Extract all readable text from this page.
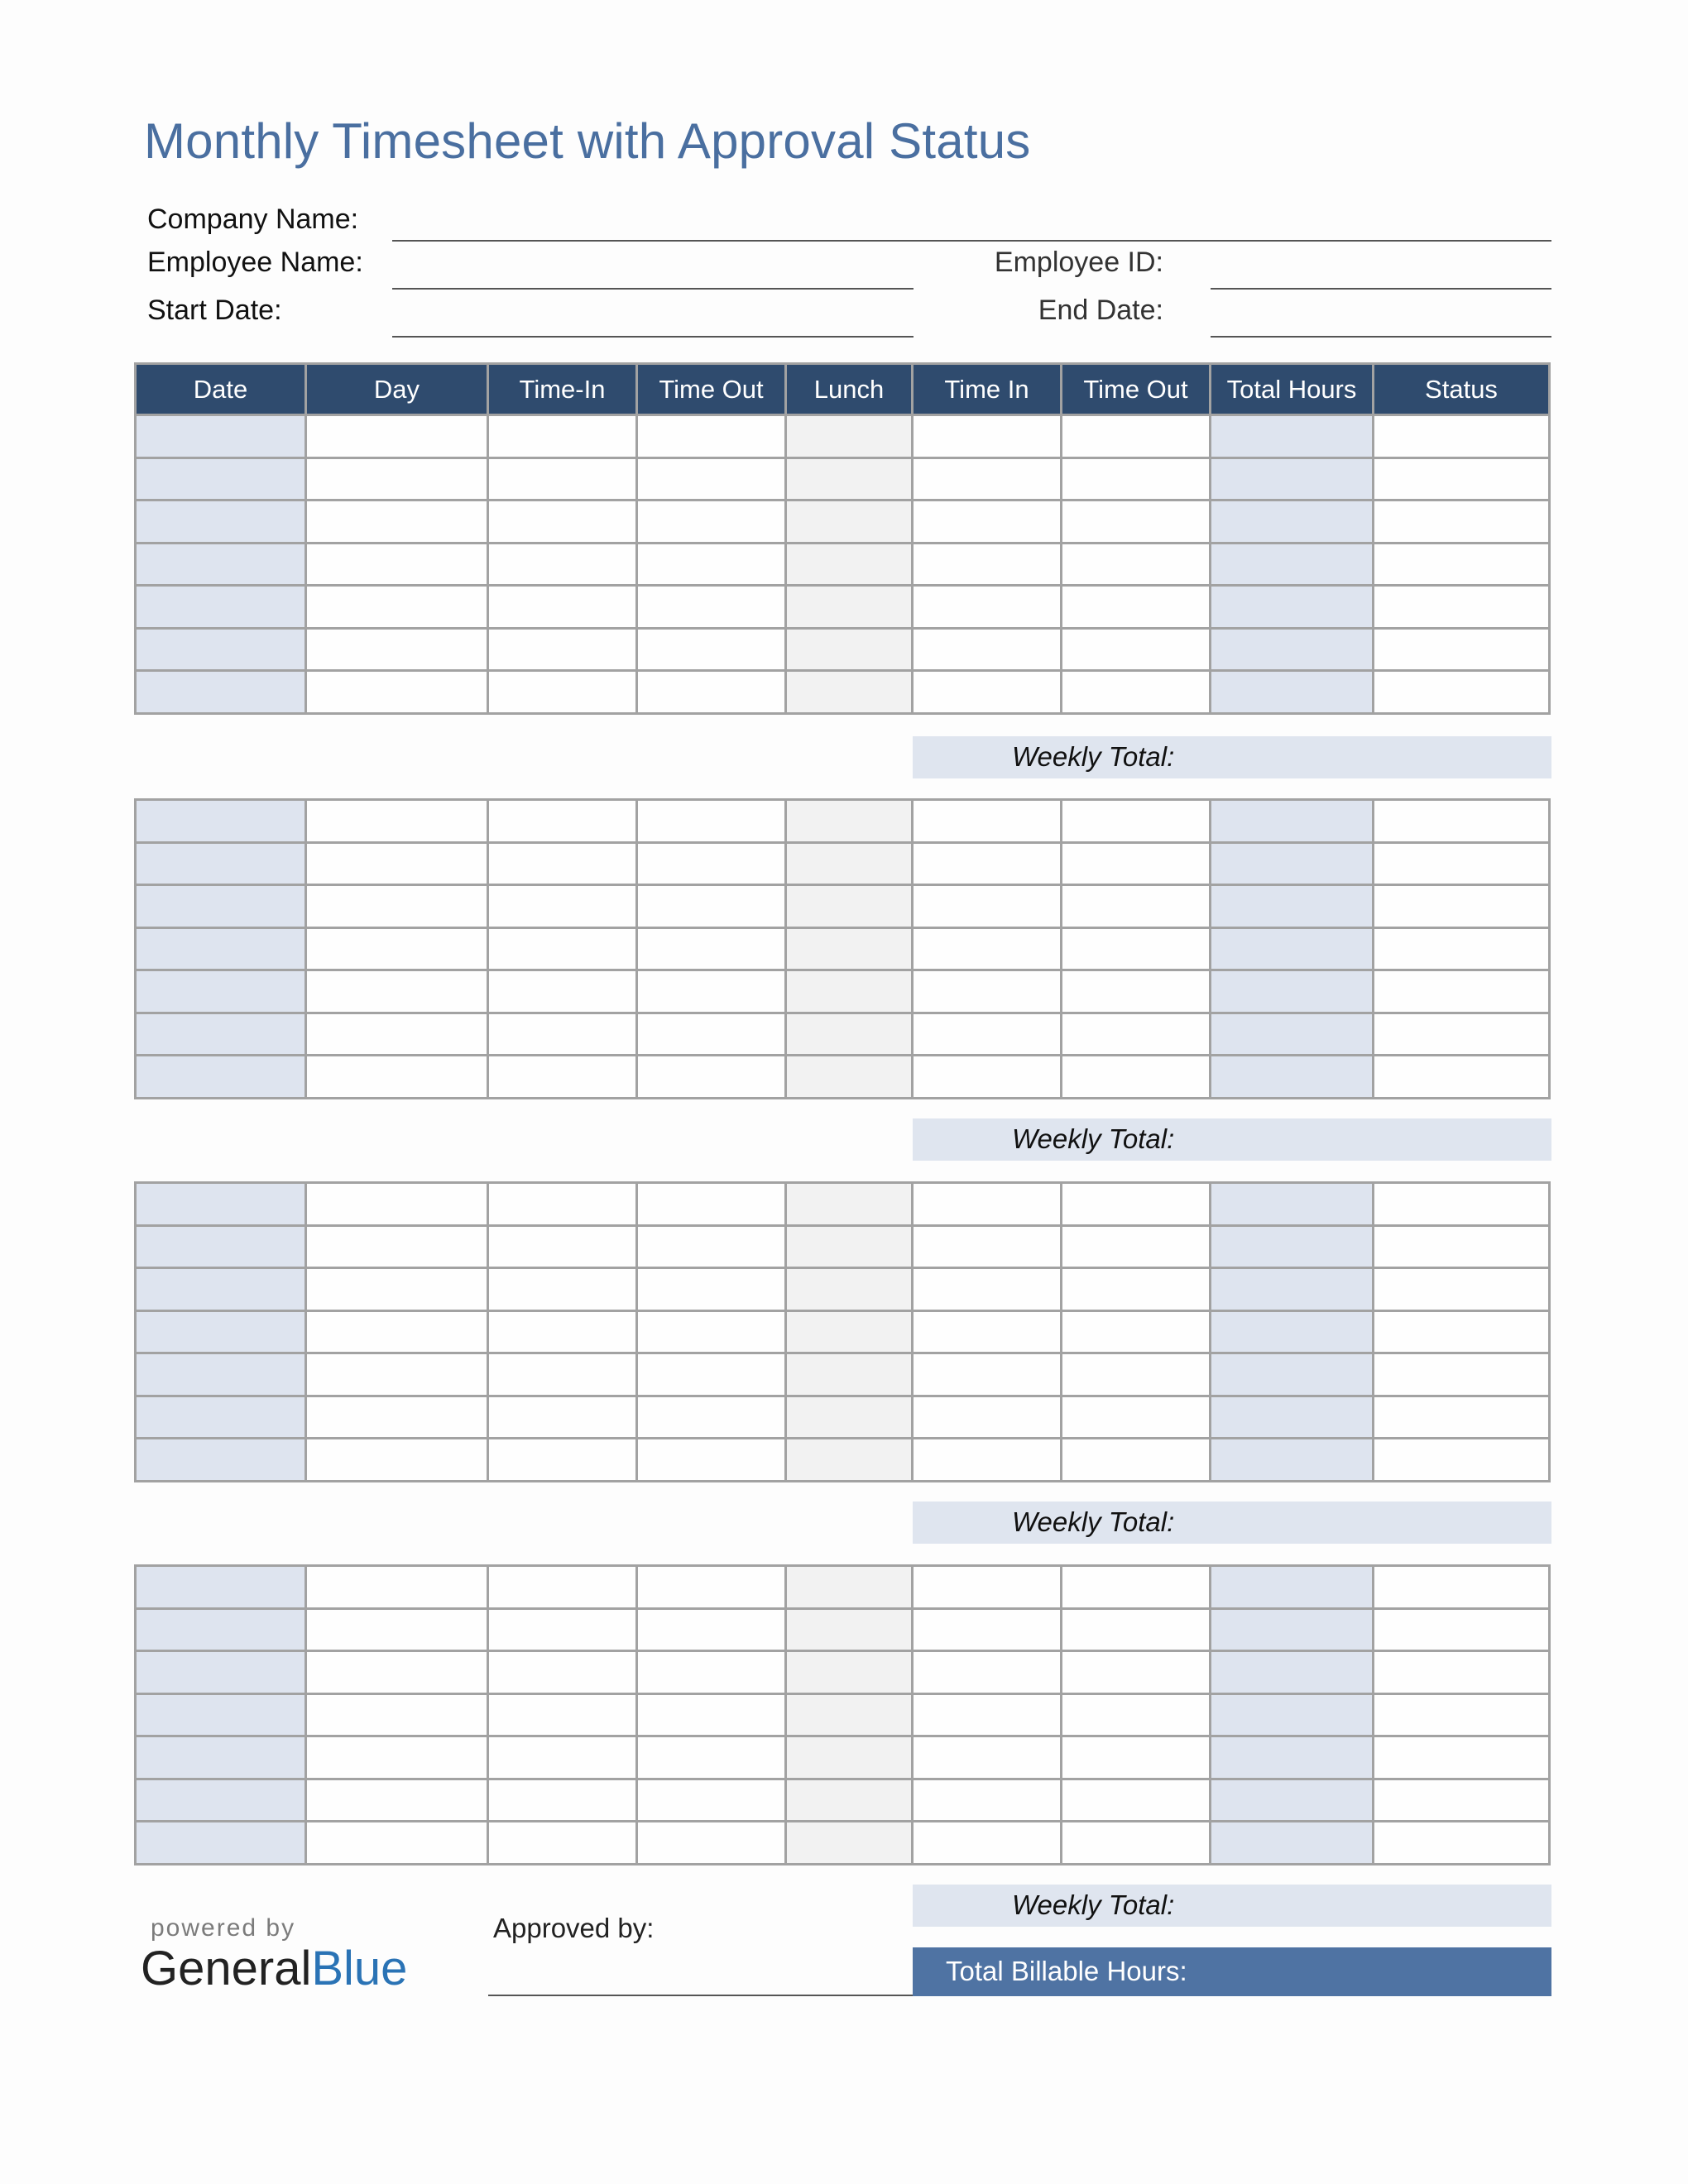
Monthly Timesheet with Approval Status
Company Name:
Employee Name:	Employee ID:
Start Date:	End Date:
Date	Day	Time-In	Time Out	Lunch	Time In	Time Out	Total Hours	Status

Weekly Total:

Weekly Total:

Weekly Total:

Weekly Total:
powered by
GeneralBlue
Approved by:
Total Billable Hours:
